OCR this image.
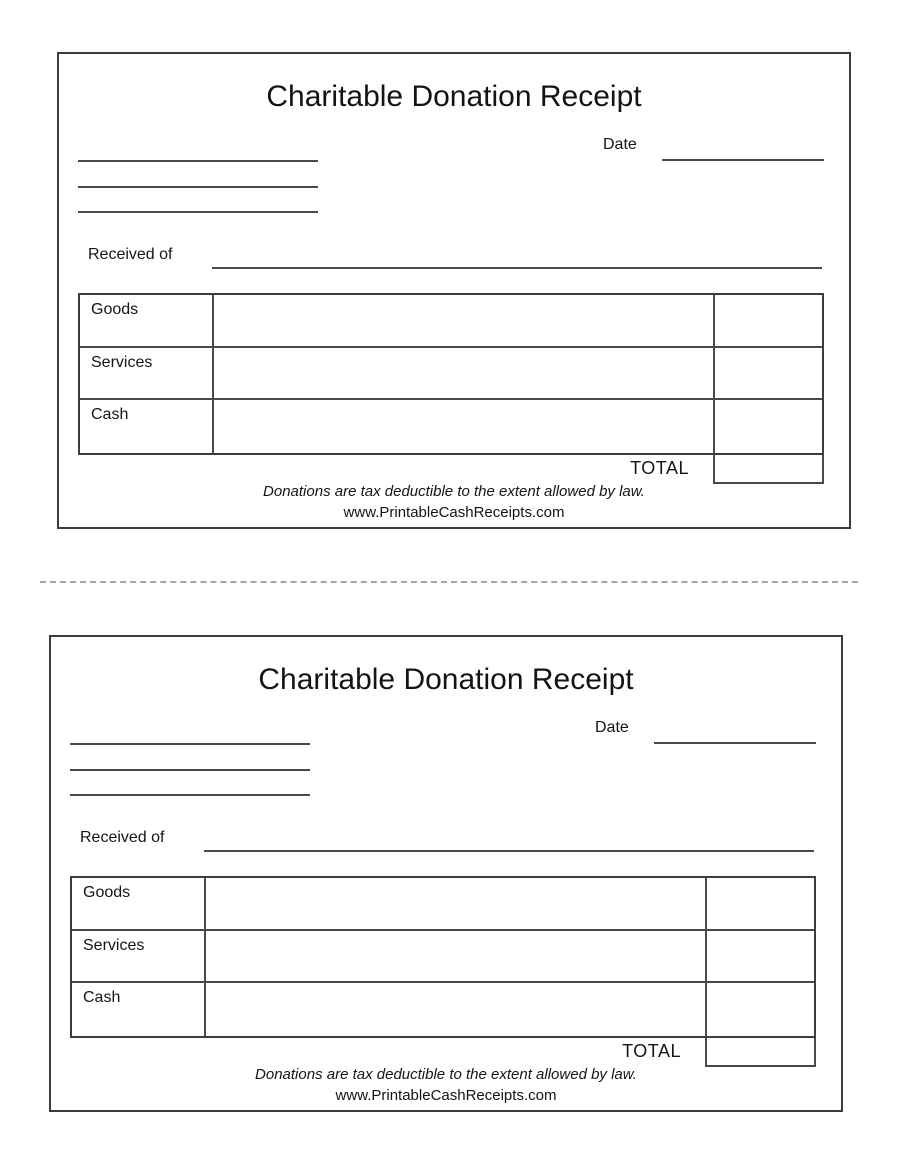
Charitable Donation Receipt
Date
Received of
Goods
Services
Cash
TOTAL
Donations are tax deductible to the extent allowed by law.
www.PrintableCashReceipts.com
Charitable Donation Receipt
Date
Received of
Goods
Services
Cash
TOTAL
Donations are tax deductible to the extent allowed by law.
www.PrintableCashReceipts.com
